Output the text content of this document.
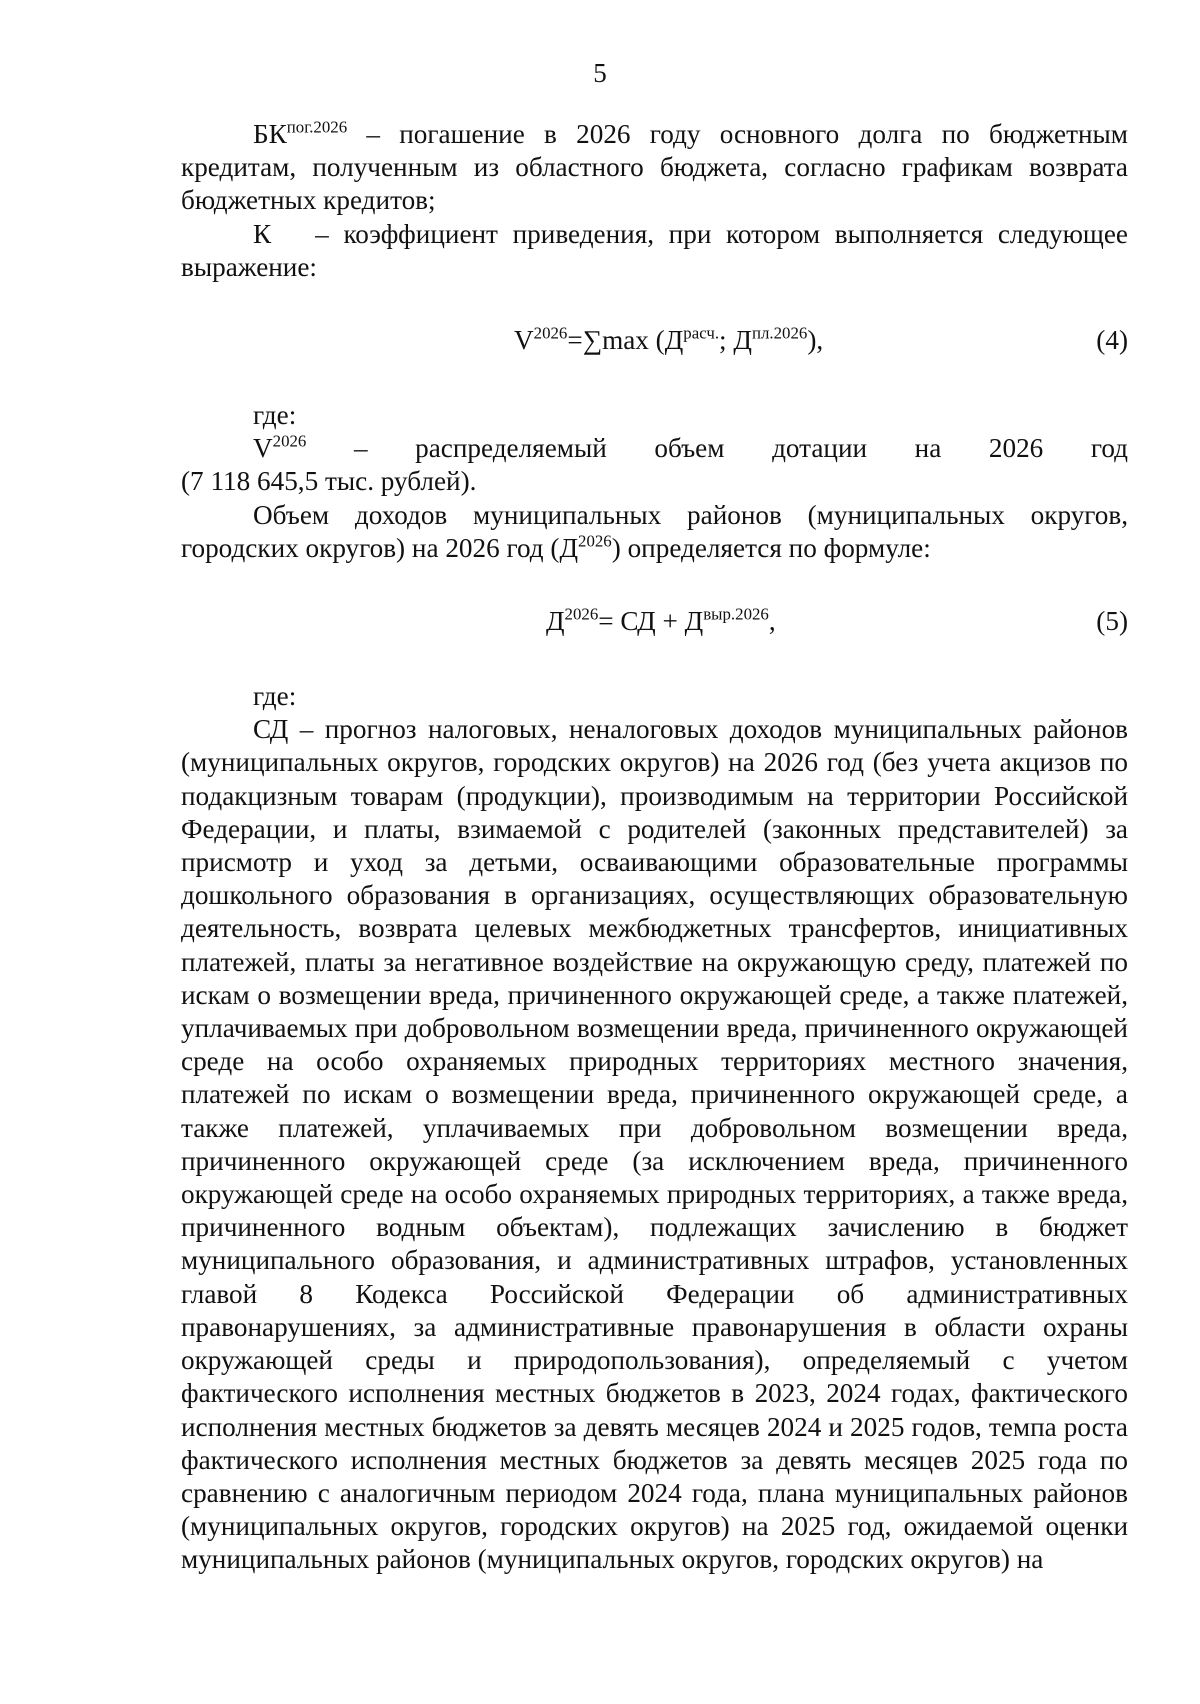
5

$БК^{пог.2026}$ – погашение в 2026 году основного долга по бюджетным кредитам, полученным из областного бюджета, согласно графикам возврата бюджетных кредитов;

К   – коэффициент приведения, при котором выполняется следующее выражение:

$V^{2026}=\sum\max$ ($Д^{расч.}$; $Д^{пл.2026}$),	(4)

где:

$V^{2026}$ – распределяемый объем дотации на 2026 год

(7 118 645,5 тыс. рублей).

Объем доходов муниципальных районов (муниципальных округов, городских округов) на 2026 год $(Д^{2026})$ определяется по формуле:

$Д^{2026}=$ СД + $Д^{выр.2026}$,	(5)

где:

СД – прогноз налоговых, неналоговых доходов муниципальных районов (муниципальных округов, городских округов) на 2026 год (без учета акцизов по подакцизным товарам (продукции), производимым на территории Российской Федерации, и платы, взимаемой с родителей (законных представителей) за присмотр и уход за детьми, осваивающими образовательные программы дошкольного образования в организациях, осуществляющих образовательную деятельность, возврата целевых межбюджетных трансфертов, инициативных платежей, платы за негативное воздействие на окружающую среду, платежей по искам о возмещении вреда, причиненного окружающей среде, а также платежей, уплачиваемых при добровольном возмещении вреда, причиненного окружающей среде на особо охраняемых природных территориях местного значения, платежей по искам о возмещении вреда, причиненного окружающей среде, а также платежей, уплачиваемых при добровольном возмещении вреда, причиненного окружающей среде (за исключением вреда, причиненного окружающей среде на особо охраняемых природных территориях, а также вреда, причиненного водным объектам), подлежащих зачислению в бюджет муниципального образования, и административных штрафов, установленных главой 8 Кодекса Российской Федерации об административных правонарушениях, за административные правонарушения в области охраны окружающей среды и природопользования), определяемый с учетом фактического исполнения местных бюджетов в 2023, 2024 годах, фактического исполнения местных бюджетов за девять месяцев 2024 и 2025 годов, темпа роста фактического исполнения местных бюджетов за девять месяцев 2025 года по сравнению с аналогичным периодом 2024 года, плана муниципальных районов (муниципальных округов, городских округов) на 2025 год, ожидаемой оценки муниципальных районов (муниципальных округов, городских округов) на
